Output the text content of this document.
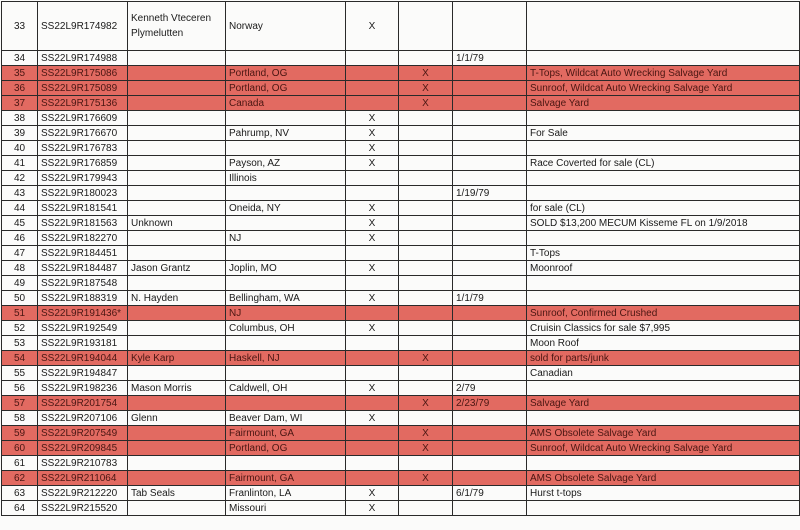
33	SS22L9R174982	Kenneth Vteceren Plymelutten	Norway	X			
34	SS22L9R174988					1/1/79	
35	SS22L9R175086		Portland, OG		X		T-Tops, Wildcat Auto Wrecking Salvage Yard
36	SS22L9R175089		Portland, OG		X		Sunroof, Wildcat Auto Wrecking Salvage Yard
37	SS22L9R175136		Canada		X		Salvage Yard
38	SS22L9R176609			X			
39	SS22L9R176670		Pahrump, NV	X			For Sale
40	SS22L9R176783			X			
41	SS22L9R176859		Payson, AZ	X			Race Coverted for sale (CL)
42	SS22L9R179943		Illinois				
43	SS22L9R180023					1/19/79	
44	SS22L9R181541		Oneida, NY	X			for sale (CL)
45	SS22L9R181563	Unknown		X			SOLD $13,200 MECUM Kisseme FL on 1/9/2018
46	SS22L9R182270		NJ	X			
47	SS22L9R184451						T-Tops
48	SS22L9R184487	Jason Grantz	Joplin, MO	X			Moonroof
49	SS22L9R187548						
50	SS22L9R188319	N. Hayden	Bellingham, WA	X		1/1/79	
51	SS22L9R191436*		NJ				Sunroof, Confirmed Crushed
52	SS22L9R192549		Columbus, OH	X			Cruisin Classics for sale $7,995
53	SS22L9R193181						Moon Roof
54	SS22L9R194044	Kyle Karp	Haskell, NJ		X		sold for parts/junk
55	SS22L9R194847						Canadian
56	SS22L9R198236	Mason Morris	Caldwell, OH	X		2/79	
57	SS22L9R201754				X	2/23/79	Salvage Yard
58	SS22L9R207106	Glenn	Beaver Dam, WI	X			
59	SS22L9R207549		Fairmount, GA		X		AMS Obsolete Salvage Yard
60	SS22L9R209845		Portland, OG		X		Sunroof, Wildcat Auto Wrecking Salvage Yard
61	SS22L9R210783						
62	SS22L9R211064		Fairmount, GA		X		AMS Obsolete Salvage Yard
63	SS22L9R212220	Tab Seals	Franlinton, LA	X		6/1/79	Hurst t-tops
64	SS22L9R215520		Missouri	X			
